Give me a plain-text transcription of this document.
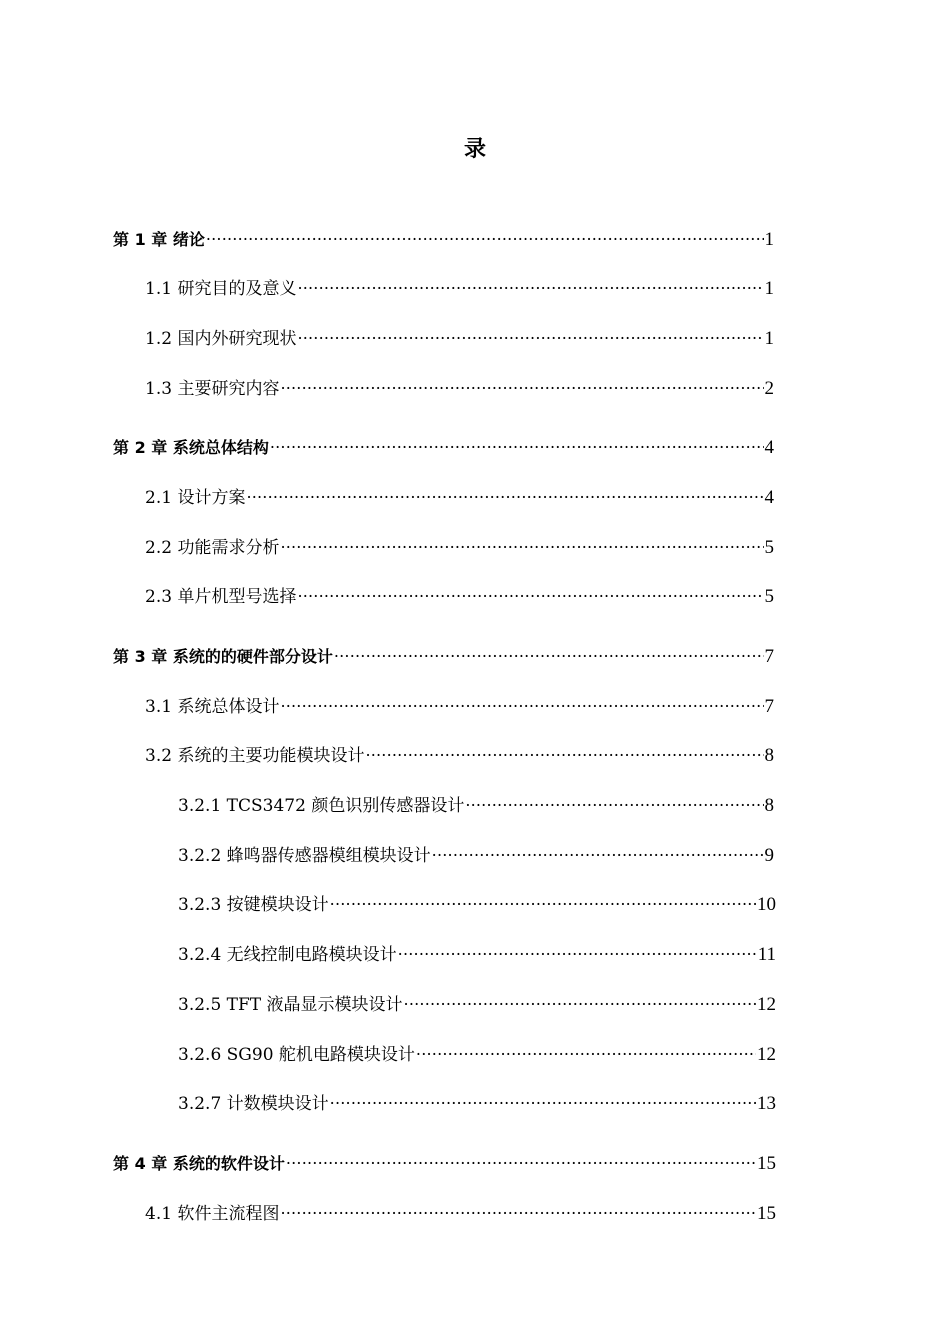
录
第 1 章 绪论 .....	1
1.1 研究目的及意义 .....	1
1.2 国内外研究现状 .....	1
1.3 主要研究内容 .....	2
第 2 章 系统总体结构 .....	4
2.1 设计方案 .....	4
2.2 功能需求分析 .....	5
2.3 单片机型号选择 .....	5
第 3 章 系统的的硬件部分设计 .....	7
3.1 系统总体设计 .....	7
3.2 系统的主要功能模块设计 .....	8
3.2.1 TCS3472 颜色识别传感器设计 .....	8
3.2.2 蜂鸣器传感器模组模块设计 .....	9
3.2.3 按键模块设计 .....	10
3.2.4 无线控制电路模块设计 .....	11
3.2.5 TFT 液晶显示模块设计 .....	12
3.2.6 SG90 舵机电路模块设计 .....	12
3.2.7 计数模块设计 .....	13
第 4 章 系统的软件设计 .....	15
4.1 软件主流程图 .....	15
